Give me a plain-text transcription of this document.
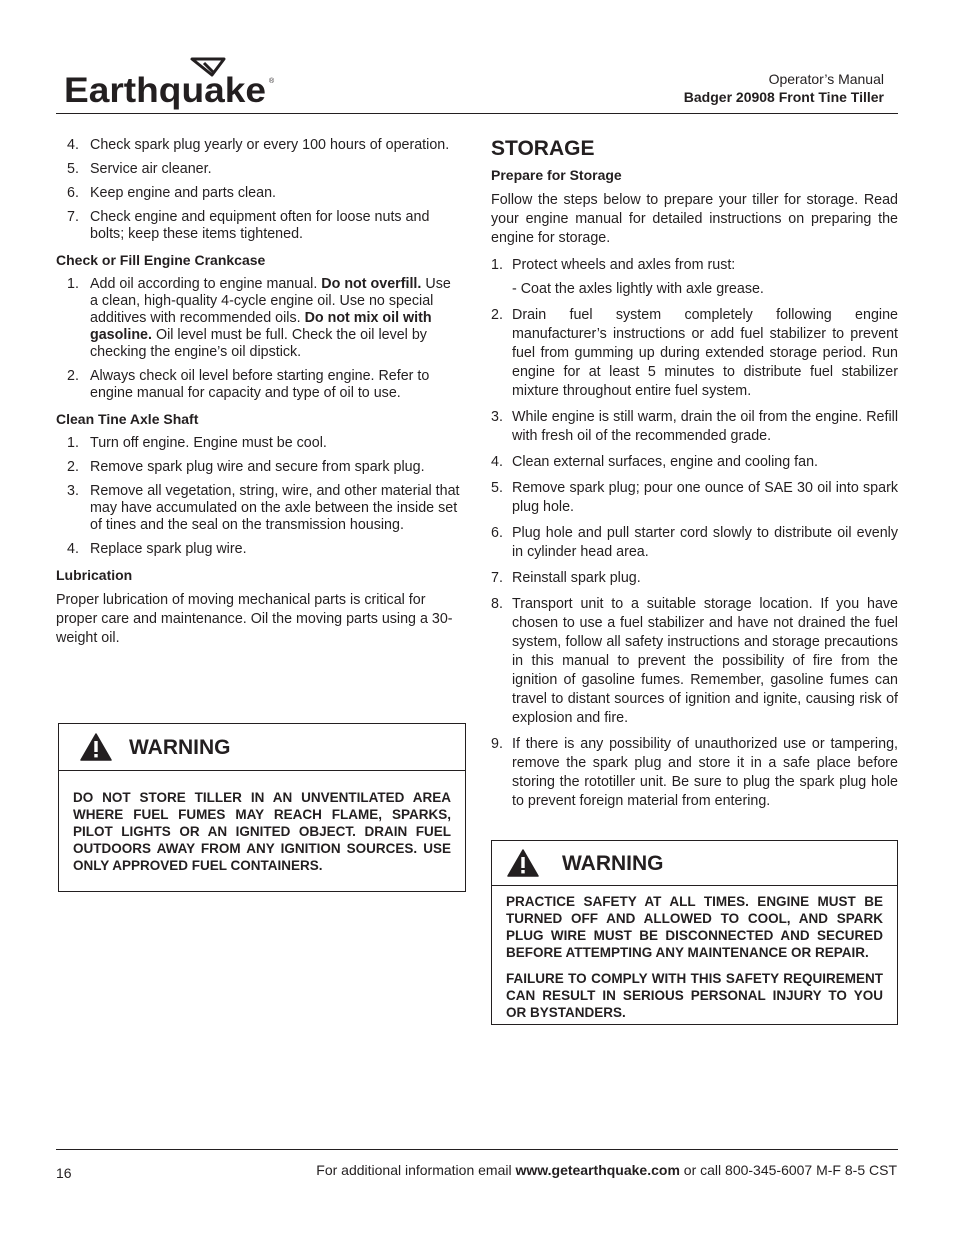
Earthquake ®	Operator’s Manual
Badger 20908 Front Tine Tiller
4. Check spark plug yearly or every 100 hours of operation.
5. Service air cleaner.
6. Keep engine and parts clean.
7. Check engine and equipment often for loose nuts and bolts; keep these items tightened.
Check or Fill Engine Crankcase
1. Add oil according to engine manual. Do not overfill. Use a clean, high-quality 4-cycle engine oil. Use no special additives with recommended oils. Do not mix oil with gasoline. Oil level must be full. Check the oil level by checking the engine’s oil dipstick.
2. Always check oil level before starting engine. Refer to engine manual for capacity and type of oil to use.
Clean Tine Axle Shaft
1. Turn off engine. Engine must be cool.
2. Remove spark plug wire and secure from spark plug.
3. Remove all vegetation, string, wire, and other material that may have accumulated on the axle between the inside set of tines and the seal on the transmission housing.
4. Replace spark plug wire.
Lubrication

Proper lubrication of moving mechanical parts is critical for proper care and maintenance. Oil the moving parts using a 30-weight oil.

WARNING

DO NOT STORE TILLER IN AN UNVENTILATED AREA WHERE FUEL FUMES MAY REACH FLAME, SPARKS, PILOT LIGHTS OR AN IGNITED OBJECT. DRAIN FUEL OUTDOORS AWAY FROM ANY IGNITION SOURCES. USE ONLY APPROVED FUEL CONTAINERS.

STORAGE
Prepare for Storage

Follow the steps below to prepare your tiller for storage. Read your engine manual for detailed instructions on preparing the engine for storage.

1. Protect wheels and axles from rust:
- Coat the axles lightly with axle grease.
2. Drain fuel system completely following engine manufacturer’s instructions or add fuel stabilizer to prevent fuel from gumming up during extended storage period. Run engine for at least 5 minutes to distribute fuel stabilizer mixture throughout entire fuel system.
3. While engine is still warm, drain the oil from the engine. Refill with fresh oil of the recommended grade.
4. Clean external surfaces, engine and cooling fan.
5. Remove spark plug; pour one ounce of SAE 30 oil into spark plug hole.
6. Plug hole and pull starter cord slowly to distribute oil evenly in cylinder head area.
7. Reinstall spark plug.
8. Transport unit to a suitable storage location. If you have chosen to use a fuel stabilizer and have not drained the fuel system, follow all safety instructions and storage precautions in this manual to prevent the possibility of fire from the ignition of gasoline fumes. Remember, gasoline fumes can travel to distant sources of ignition and ignite, causing risk of explosion and fire.
9. If there is any possibility of unauthorized use or tampering, remove the spark plug and store it in a safe place before storing the rototiller unit. Be sure to plug the spark plug hole to prevent foreign material from entering.
WARNING

PRACTICE SAFETY AT ALL TIMES. ENGINE MUST BE TURNED OFF AND ALLOWED TO COOL, AND SPARK PLUG WIRE MUST BE DISCONNECTED AND SECURED BEFORE ATTEMPTING ANY MAINTENANCE OR REPAIR.

FAILURE TO COMPLY WITH THIS SAFETY REQUIREMENT CAN RESULT IN SERIOUS PERSONAL INJURY TO YOU OR BYSTANDERS.

16	For additional information email www.getearthquake.com or call 800-345-6007 M-F 8-5 CST
